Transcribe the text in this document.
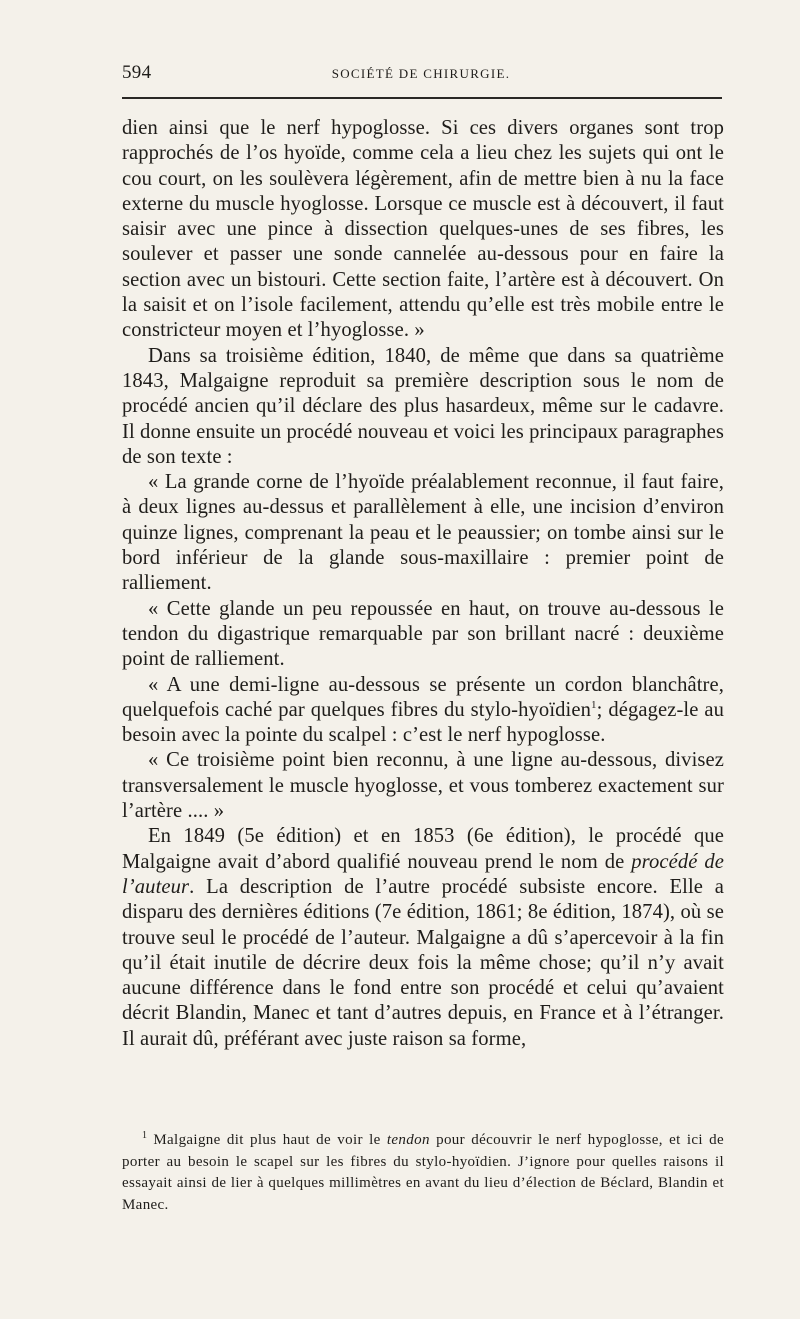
594	SOCIÉTÉ DE CHIRURGIE.

dien ainsi que le nerf hypoglosse. Si ces divers organes sont trop rapprochés de l’os hyoïde, comme cela a lieu chez les sujets qui ont le cou court, on les soulèvera légèrement, afin de mettre bien à nu la face externe du muscle hyoglosse. Lorsque ce muscle est à découvert, il faut saisir avec une pince à dissection quelques-unes de ses fibres, les soulever et passer une sonde cannelée au-dessous pour en faire la section avec un bistouri. Cette section faite, l’artère est à découvert. On la saisit et on l’isole facilement, attendu qu’elle est très mobile entre le constricteur moyen et l’hyoglosse. »

Dans sa troisième édition, 1840, de même que dans sa quatrième 1843, Malgaigne reproduit sa première description sous le nom de procédé ancien qu’il déclare des plus hasardeux, même sur le cadavre. Il donne ensuite un procédé nouveau et voici les principaux paragraphes de son texte :

« La grande corne de l’hyoïde préalablement reconnue, il faut faire, à deux lignes au-dessus et parallèlement à elle, une incision d’environ quinze lignes, comprenant la peau et le peaussier; on tombe ainsi sur le bord inférieur de la glande sous-maxillaire : premier point de ralliement.

« Cette glande un peu repoussée en haut, on trouve au-dessous le tendon du digastrique remarquable par son brillant nacré : deuxième point de ralliement.

« A une demi-ligne au-dessous se présente un cordon blanchâtre, quelquefois caché par quelques fibres du stylo-hyoïdien$^1$; dégagez-le au besoin avec la pointe du scalpel : c’est le nerf hypoglosse.

« Ce troisième point bien reconnu, à une ligne au-dessous, divisez transversalement le muscle hyoglosse, et vous tomberez exactement sur l’artère .... »

En 1849 (5e édition) et en 1853 (6e édition), le procédé que Malgaigne avait d’abord qualifié nouveau prend le nom de procédé de l’auteur. La description de l’autre procédé subsiste encore. Elle a disparu des dernières éditions (7e édition, 1861; 8e édition, 1874), où se trouve seul le procédé de l’auteur. Malgaigne a dû s’apercevoir à la fin qu’il était inutile de décrire deux fois la même chose; qu’il n’y avait aucune différence dans le fond entre son procédé et celui qu’avaient décrit Blandin, Manec et tant d’autres depuis, en France et à l’étranger. Il aurait dû, préférant avec juste raison sa forme,

$^1$ Malgaigne dit plus haut de voir le tendon pour découvrir le nerf hypoglosse, et ici de porter au besoin le scapel sur les fibres du stylo-hyoïdien. J’ignore pour quelles raisons il essayait ainsi de lier à quelques millimètres en avant du lieu d’élection de Béclard, Blandin et Manec.
